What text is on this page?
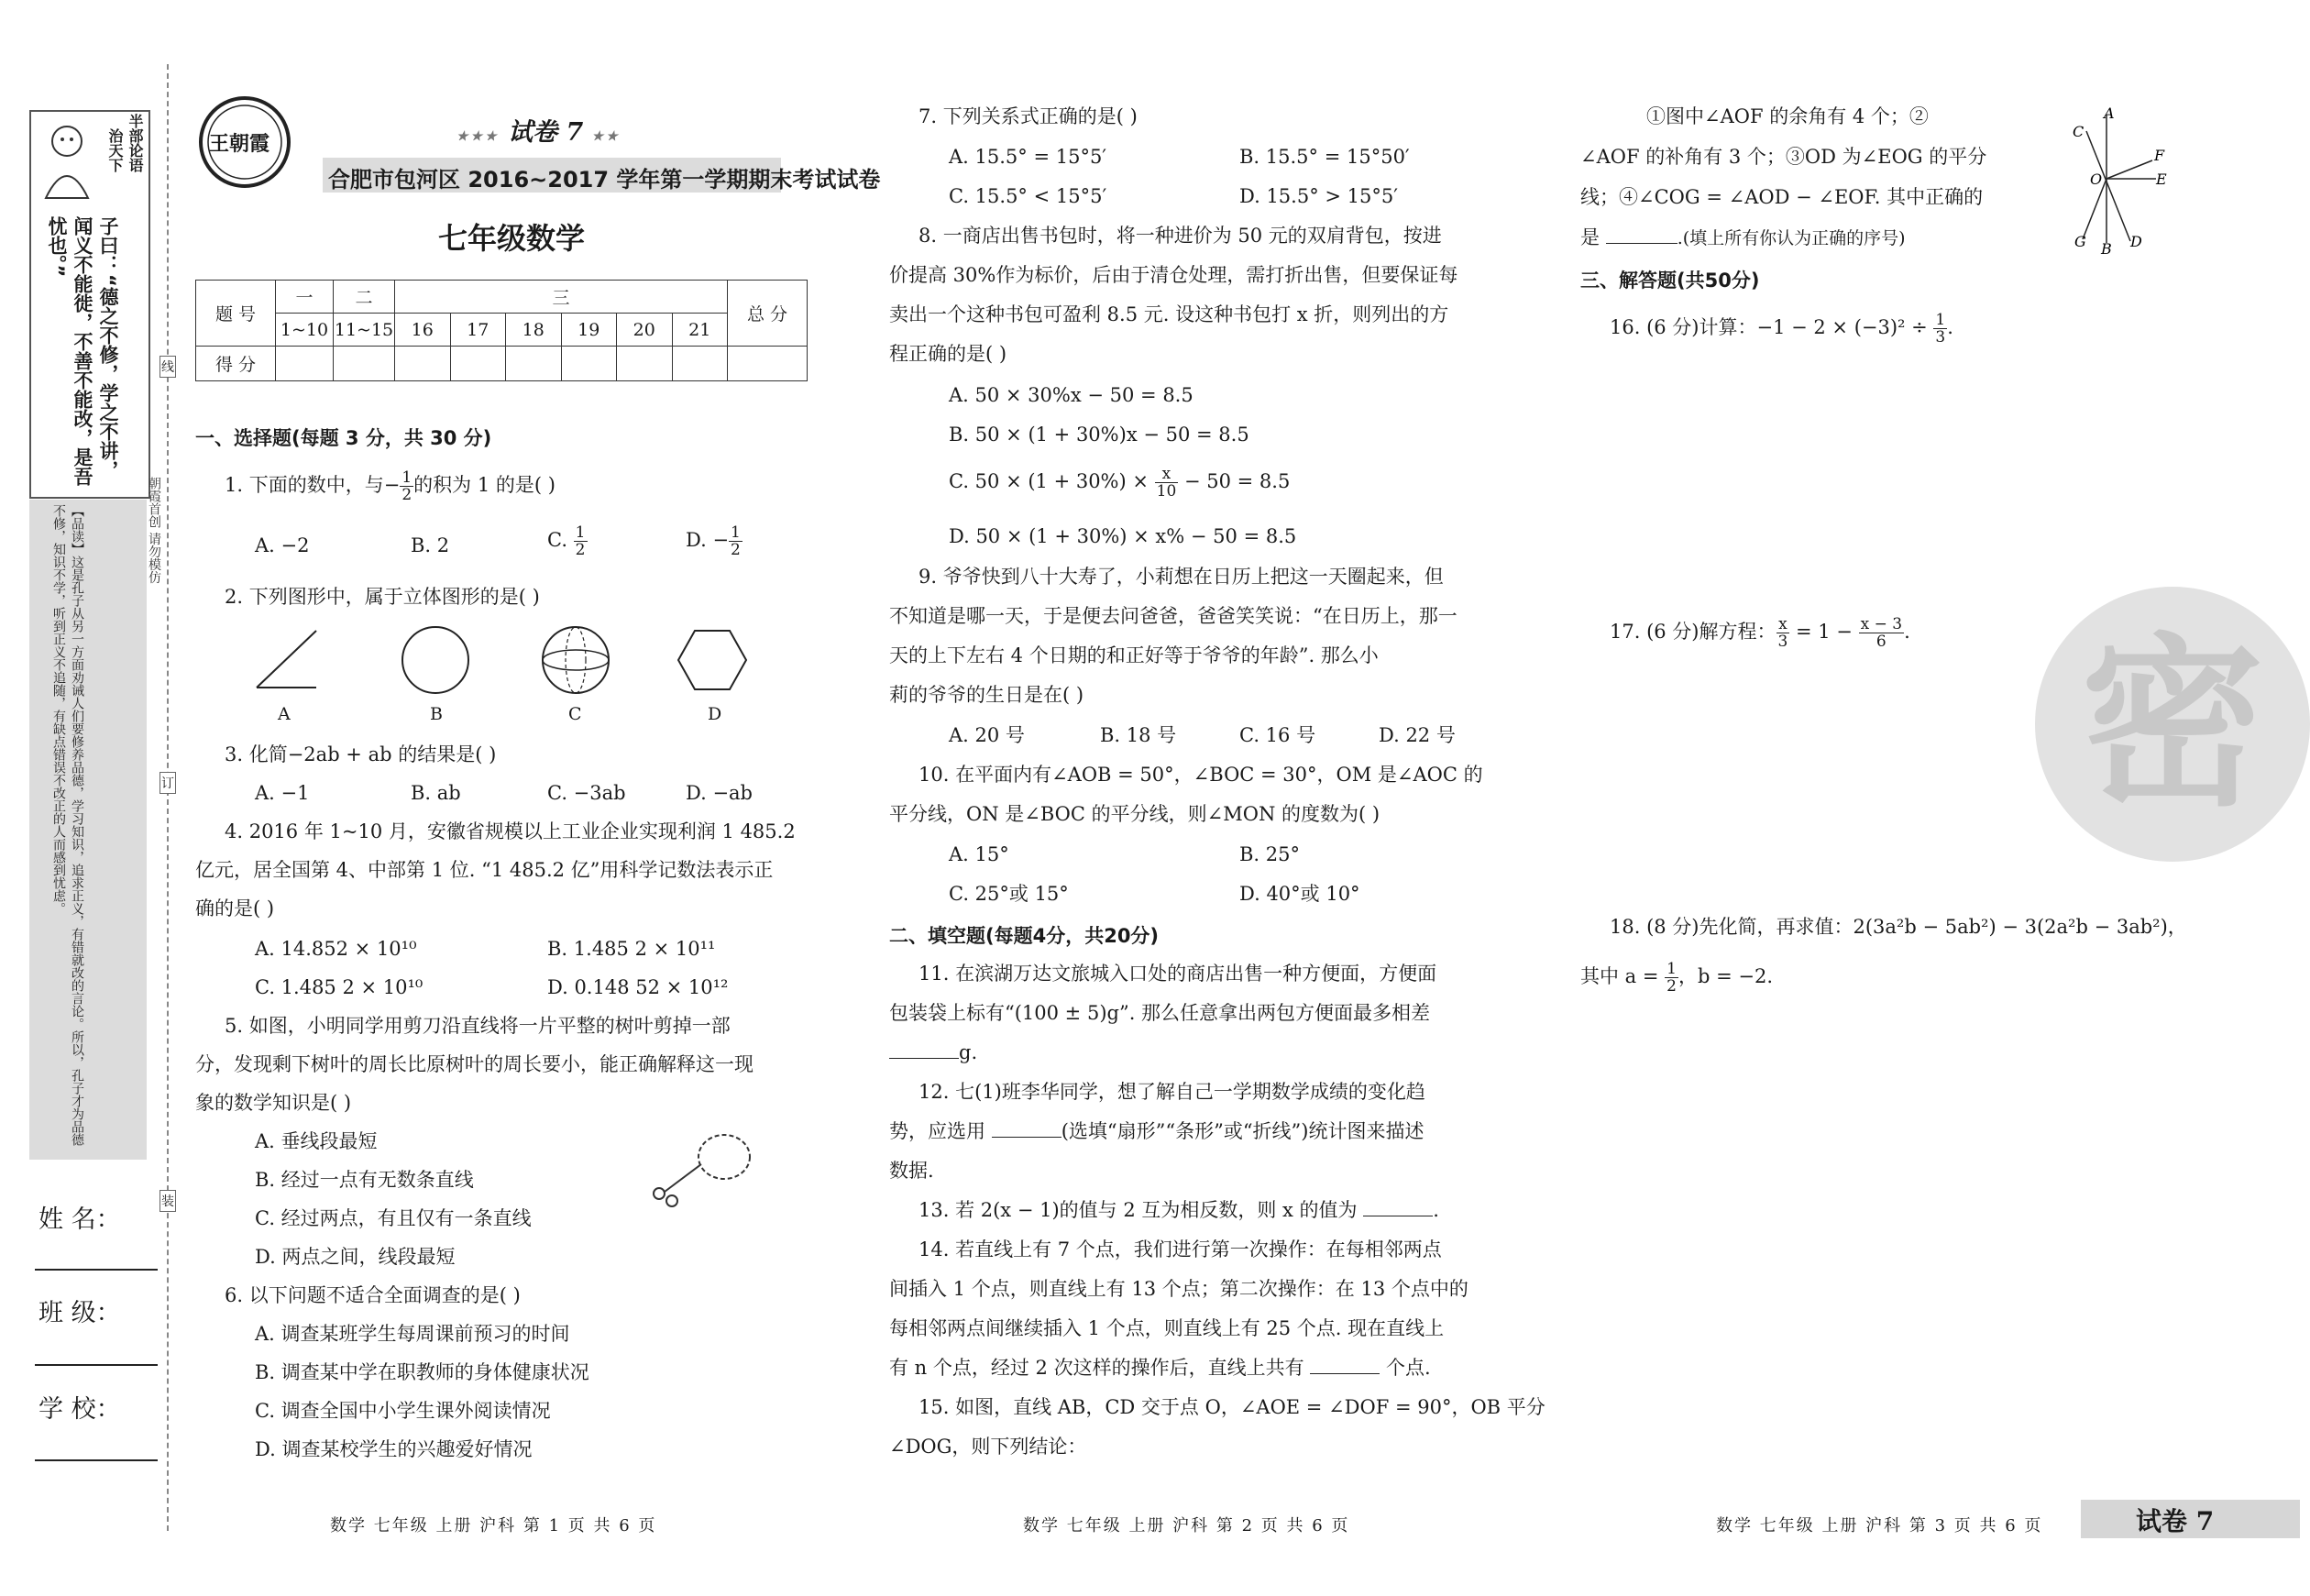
半部论语
治天下
子曰：“德之不修，学之不讲，闻义不能徙，不善不能改，是吾忧也。”
【品读】这是孔子从另一方面劝诫人们要修养品德，学习知识，追求正义，有错就改的言论。所以，孔子才为品德不修，知识不学，听到正义不追随，有缺点错误不改正的人而感到忧虑。	朝霞首创 请勿模仿
线
订
装
姓 名：
班 级：
学 校：
王朝霞	★★★ 试卷 7 ★★
合肥市包河区 2016~2017 学年第一学期期末考试试卷
七年级数学
题 号	一	二	三						总 分
	1~10	11~15	16	17	18	19	20	21	
得 分									
一、选择题(每题 3 分，共 30 分)
1. 下面的数中，与− $\frac{1}{2}$ 的积为 1 的是( )
A. −2	B. 2	C. $\frac{1}{2}$	D. − $\frac{1}{2}$
2. 下列图形中，属于立体图形的是( )
A	B	C	D
3. 化简−2ab + ab 的结果是( )
A. −1	B. ab	C. −3ab	D. −ab
4. 2016 年 1~10 月，安徽省规模以上工业企业实现利润 1 485.2
亿元，居全国第 4、中部第 1 位. “1 485.2 亿”用科学记数法表示正
确的是( )
A. 14.852 × 10¹⁰	B. 1.485 2 × 10¹¹
C. 1.485 2 × 10¹⁰	D. 0.148 52 × 10¹²
5. 如图，小明同学用剪刀沿直线将一片平整的树叶剪掉一部
分，发现剩下树叶的周长比原树叶的周长要小，能正确解释这一现
象的数学知识是( )
A. 垂线段最短
B. 经过一点有无数条直线
C. 经过两点，有且仅有一条直线
D. 两点之间，线段最短
6. 以下问题不适合全面调查的是( )
A. 调查某班学生每周课前预习的时间
B. 调查某中学在职教师的身体健康状况
C. 调查全国中小学生课外阅读情况
D. 调查某校学生的兴趣爱好情况
7. 下列关系式正确的是( )
A. 15.5° = 15°5′	B. 15.5° = 15°50′
C. 15.5° < 15°5′	D. 15.5° > 15°5′
8. 一商店出售书包时，将一种进价为 50 元的双肩背包，按进
价提高 30%作为标价，后由于清仓处理，需打折出售，但要保证每
卖出一个这种书包可盈利 8.5 元. 设这种书包打 x 折，则列出的方
程正确的是( )
A. 50 × 30%x − 50 = 8.5
B. 50 × (1 + 30%)x − 50 = 8.5
C. $50 \times (1 + 30\%) \times \frac{x}{10} - 50 = 8.5$
D. 50 × (1 + 30%) × x% − 50 = 8.5
9. 爷爷快到八十大寿了，小莉想在日历上把这一天圈起来，但
不知道是哪一天，于是便去问爸爸，爸爸笑笑说：“在日历上，那一
天的上下左右 4 个日期的和正好等于爷爷的年龄”. 那么小
莉的爷爷的生日是在( )
A. 20 号	B. 18 号	C. 16 号	D. 22 号
10. 在平面内有∠AOB = 50°，∠BOC = 30°，OM 是∠AOC 的
平分线，ON 是∠BOC 的平分线，则∠MON 的度数为( )
A. 15°	B. 25°
C. 25°或 15°	D. 40°或 10°
二、填空题(每题4分，共20分)
11. 在滨湖万达文旅城入口处的商店出售一种方便面，方便面
包装袋上标有“(100 ± 5)g”. 那么任意拿出两包方便面最多相差
g.
12. 七(1)班李华同学，想了解自己一学期数学成绩的变化趋
势，应选用	(选填“扇形”“条形”或“折线”)统计图来描述
数据.
13. 若 2(x − 1)的值与 2 互为相反数，则 x 的值为	.
14. 若直线上有 7 个点，我们进行第一次操作：在每相邻两点
间插入 1 个点，则直线上有 13 个点；第二次操作：在 13 个点中的
每相邻两点间继续插入 1 个点，则直线上有 25 个点. 现在直线上
有 n 个点，经过 2 次这样的操作后，直线上共有	个点.
15. 如图，直线 AB，CD 交于点 O，∠AOE = ∠DOF = 90°，OB 平分
∠DOG，则下列结论：
①图中∠AOF 的余角有 4 个；②
∠AOF 的补角有 3 个；③OD 为∠EOG 的平分
线；④∠COG = ∠AOD − ∠EOF. 其中正确的
是	.(填上所有你认为正确的序号)
A
C
F
O	E
G B D
三、解答题(共50分)
16. (6 分)计算：$-1 - 2 \times (-3)^2 \div \frac{1}{3}$ .
17. (6 分)解方程： $\frac{x}{3} = 1 - \frac{x - 3}{6}$ .
18. (8 分)先化简，再求值：2(3a²b − 5ab²) − 3(2a²b − 3ab²)，
其中 $a = \frac{1}{2}$ ，b = −2.
密
数学 七年级 上册 沪科 第 1 页 共 6 页	数学 七年级 上册 沪科 第 2 页 共 6 页	数学 七年级 上册 沪科 第 3 页 共 6 页	试卷 7
